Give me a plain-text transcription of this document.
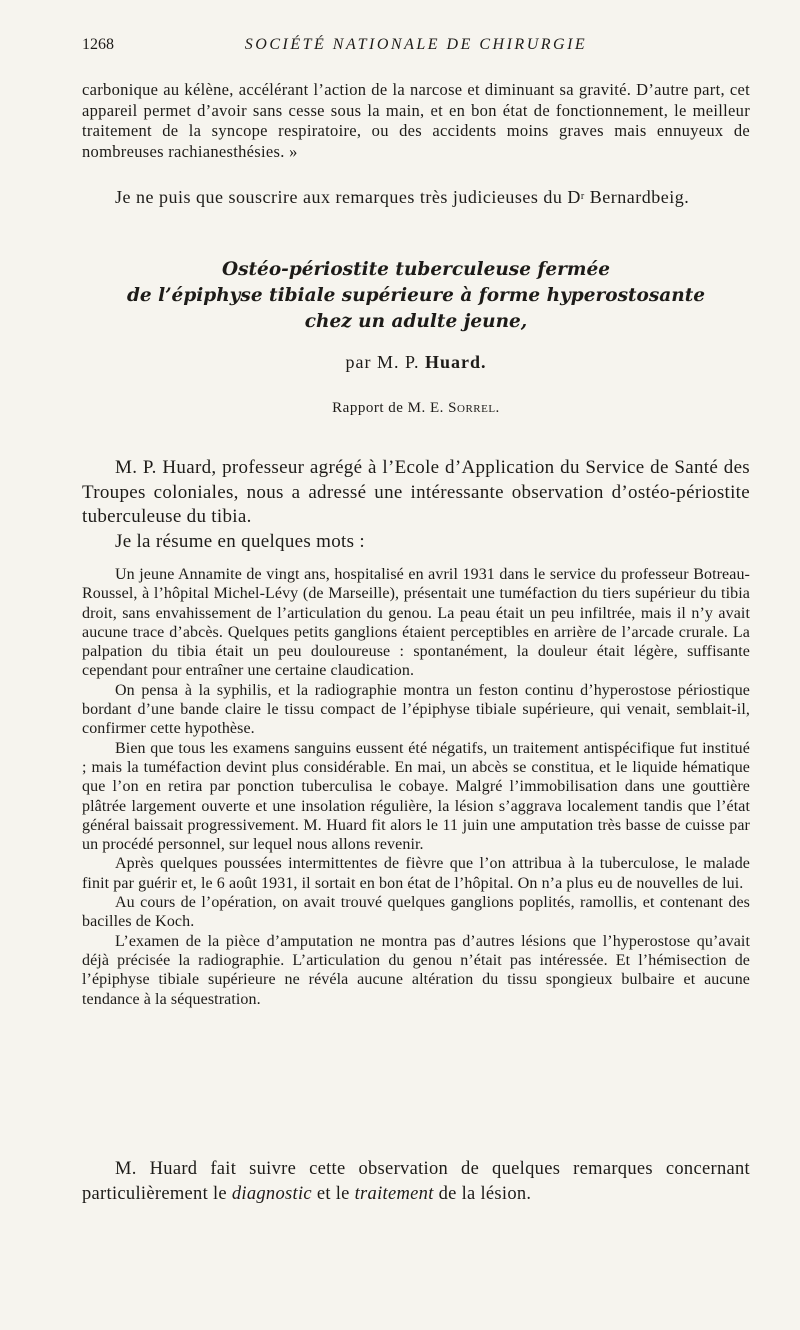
1268	SOCIÉTÉ NATIONALE DE CHIRURGIE

carbonique au kélène, accélérant l’action de la narcose et diminuant sa gravité. D’autre part, cet appareil permet d’avoir sans cesse sous la main, et en bon état de fonctionnement, le meilleur traitement de la syncope respiratoire, ou des accidents moins graves mais ennuyeux de nombreuses rachianesthésies. »

Je ne puis que souscrire aux remarques très judicieuses du $D^r$ Bernardbeig.

Ostéo-périostite tuberculeuse fermée
de l’épiphyse tibiale supérieure à forme hyperostosante
chez un adulte jeune,
par M. P. Huard.
Rapport de M. E. Sorrel.

M. P. Huard, professeur agrégé à l’Ecole d’Application du Service de Santé des Troupes coloniales, nous a adressé une intéressante observation d’ostéo-périostite tuberculeuse du tibia.

Je la résume en quelques mots :

Un jeune Annamite de vingt ans, hospitalisé en avril 1931 dans le service du professeur Botreau-Roussel, à l’hôpital Michel-Lévy (de Marseille), présentait une tuméfaction du tiers supérieur du tibia droit, sans envahissement de l’articulation du genou. La peau était un peu infiltrée, mais il n’y avait aucune trace d’abcès. Quelques petits ganglions étaient perceptibles en arrière de l’arcade crurale. La palpation du tibia était un peu douloureuse : spontanément, la douleur était légère, suffisante cependant pour entraîner une certaine claudication.

On pensa à la syphilis, et la radiographie montra un feston continu d’hyperostose périostique bordant d’une bande claire le tissu compact de l’épiphyse tibiale supérieure, qui venait, semblait-il, confirmer cette hypothèse.

Bien que tous les examens sanguins eussent été négatifs, un traitement antispécifique fut institué ; mais la tuméfaction devint plus considérable. En mai, un abcès se constitua, et le liquide hématique que l’on en retira par ponction tuberculisa le cobaye. Malgré l’immobilisation dans une gouttière plâtrée largement ouverte et une insolation régulière, la lésion s’aggrava localement tandis que l’état général baissait progressivement. M. Huard fit alors le 11 juin une amputation très basse de cuisse par un procédé personnel, sur lequel nous allons revenir.

Après quelques poussées intermittentes de fièvre que l’on attribua à la tuberculose, le malade finit par guérir et, le 6 août 1931, il sortait en bon état de l’hôpital. On n’a plus eu de nouvelles de lui.

Au cours de l’opération, on avait trouvé quelques ganglions poplités, ramollis, et contenant des bacilles de Koch.

L’examen de la pièce d’amputation ne montra pas d’autres lésions que l’hyperostose qu’avait déjà précisée la radiographie. L’articulation du genou n’était pas intéressée. Et l’hémisection de l’épiphyse tibiale supérieure ne révéla aucune altération du tissu spongieux bulbaire et aucune tendance à la séquestration.

M. Huard fait suivre cette observation de quelques remarques concernant particulièrement le diagnostic et le traitement de la lésion.
